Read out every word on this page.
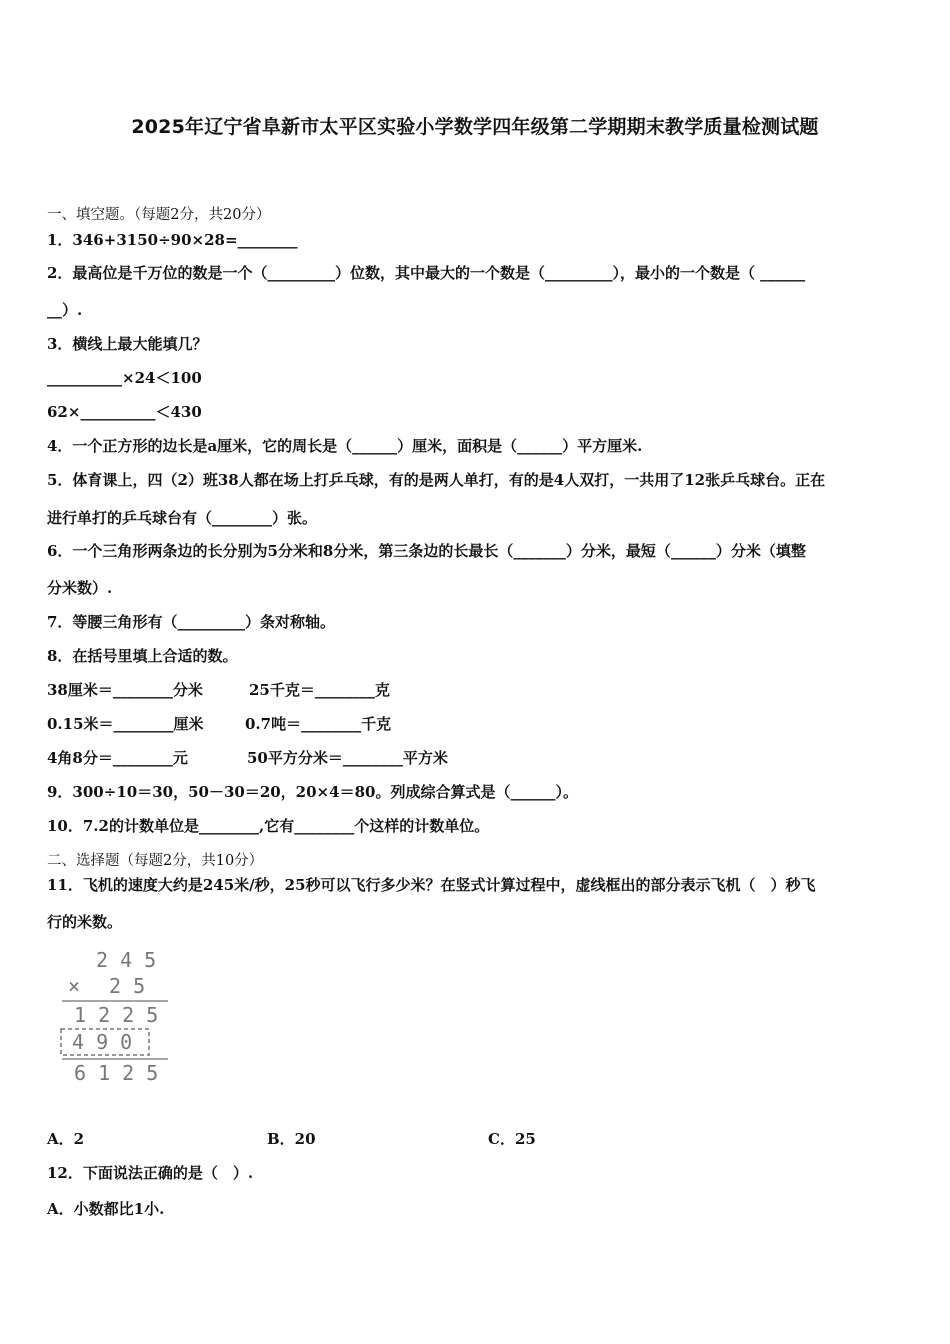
2025年辽宁省阜新市太平区实验小学数学四年级第二学期期末教学质量检测试题
一、填空题。（每题2分，共20分）
1．346+3150÷90×28=________
2．最高位是千万位的数是一个（_________）位数，其中最大的一个数是（_________），最小的一个数是（ ______
__）.
3．横线上最大能填几？
__________×24＜100
62×__________＜430
4．一个正方形的边长是a厘米，它的周长是（______）厘米，面积是（______）平方厘米.
5．体育课上，四（2）班38人都在场上打乒乓球，有的是两人单打，有的是4人双打，一共用了12张乒乓球台。正在
进行单打的乒乓球台有（________）张。
6．一个三角形两条边的长分别为5分米和8分米，第三条边的长最长（_______）分米，最短（______）分米（填整
分米数）.
7．等腰三角形有（_________）条对称轴。
8．在括号里填上合适的数。
38厘米＝________分米	25千克＝________克
0.15米＝________厘米	0.7吨＝________千克
4角8分＝________元	50平方分米＝________平方米
9．300÷10＝30，50－30＝20，20×4＝80。列成综合算式是（______）。
10．7.2的计数单位是________,它有________个这样的计数单位。
二、选择题（每题2分，共10分）
11．飞机的速度大约是245米/秒，25秒可以飞行多少米？在竖式计算过程中，虚线框出的部分表示飞机（　）秒飞
行的米数。
2 4 5
× 2 5
1 2 2 5
4 9 0
6 1 2 5
A．2	B．20	C．25
12．下面说法正确的是（　）.
A．小数都比1小.
